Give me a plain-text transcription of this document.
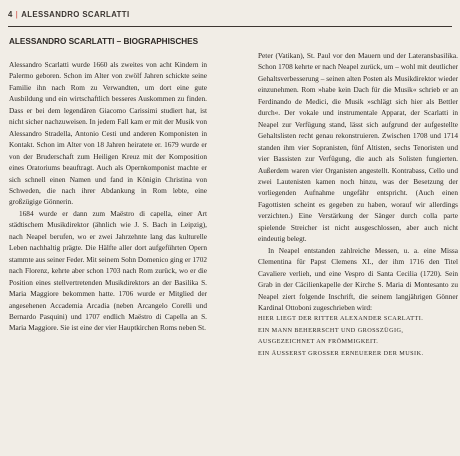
4 | ALESSANDRO SCARLATTI
ALESSANDRO SCARLATTI – BIOGRAPHISCHES

Alessandro Scarlatti wurde 1660 als zweites von acht Kindern in Palermo geboren. Schon im Alter von zwölf Jahren schickte seine Familie ihn nach Rom zu Verwandten, um dort eine gute Ausbildung und ein wirtschaftlich besseres Auskommen zu finden. Dass er bei dem legendären Giacomo Carissimi studiert hat, ist nicht sicher nachzuweisen. In jedem Fall kam er mit der Musik von Alessandro Stradella, Antonio Cesti und anderen Komponisten in Kontakt. Schon im Alter von 18 Jahren heiratete er. 1679 wurde er von der Bruderschaft zum Heiligen Kreuz mit der Komposition eines Oratoriums beauftragt. Auch als Opernkomponist machte er sich schnell einen Namen und fand in Königin Christina von Schweden, die nach ihrer Abdankung in Rom lebte, eine großzügige Gönnerin.

1684 wurde er dann zum Maëstro di capella, einer Art städtischem Musikdirektor (ähnlich wie J. S. Bach in Leipzig), nach Neapel berufen, wo er zwei Jahrzehnte lang das kulturelle Leben nachhaltig prägte. Die Hälfte aller dort aufgeführten Opern stammte aus seiner Feder. Mit seinem Sohn Domenico ging er 1702 nach Florenz, kehrte aber schon 1703 nach Rom zurück, wo er die Position eines stellvertretenden Musikdirektors an der Basilika S. Maria Maggiore bekommen hatte. 1706 wurde er Mitglied der angesehenen Accademia Arcadia (neben Arcangelo Corelli und Bernardo Pasquini) und 1707 endlich Maëstro di Capella an S. Maria Maggiore. Sie ist eine der vier Hauptkirchen Roms neben St.

Peter (Vatikan), St. Paul vor den Mauern und der Lateransbasilika. Schon 1708 kehrte er nach Neapel zurück, um – wohl mit deutlicher Gehaltsverbesserung – seinen alten Posten als Musikdirektor wieder einzunehmen. Rom »habe kein Dach für die Musik« schrieb er an Ferdinando de Medici, die Musik »schlägt sich hier als Bettler durch«. Der vokale und instrumentale Apparat, der Scarlatti in Neapel zur Verfügung stand, lässt sich aufgrund der aufgestellte Gehaltslisten recht genau rekonstruieren. Zwischen 1708 und 1714 standen ihm vier Sopranisten, fünf Altisten, sechs Tenoristen und vier Bassisten zur Verfügung, die auch als Solisten fungierten. Außerdem waren vier Organisten angestellt. Kontrabass, Cello und zwei Lautenisten kamen noch hinzu, was der Besetzung der vorliegenden Aufnahme ungefähr entspricht. (Auch einen Fagottisten scheint es gegeben zu haben, worauf wir allerdings verzichten.) Eine Verstärkung der Sänger durch colla parte spielende Streicher ist nicht ausgeschlossen, aber auch nicht eindeutig belegt.

In Neapel entstanden zahlreiche Messen, u. a. eine Missa Clementina für Papst Clemens XI., der ihm 1716 den Titel Cavaliere verlieh, und eine Vespro di Santa Cecilia (1720). Sein Grab in der Cäcilienkapelle der Kirche S. Maria di Montesanto zu Neapel ziert folgende Inschrift, die seinem langjährigen Gönner Kardinal Ottoboni zugeschrieben wird:

HIER LIEGT DER RITTER ALEXANDER SCARLATTI.

EIN MANN BEHERRSCHT UND GROSSZÜGIG,

AUSGEZEICHNET AN FRÖMMIGKEIT.

EIN ÄUSSERST GROSSER ERNEUERER DER MUSIK.
